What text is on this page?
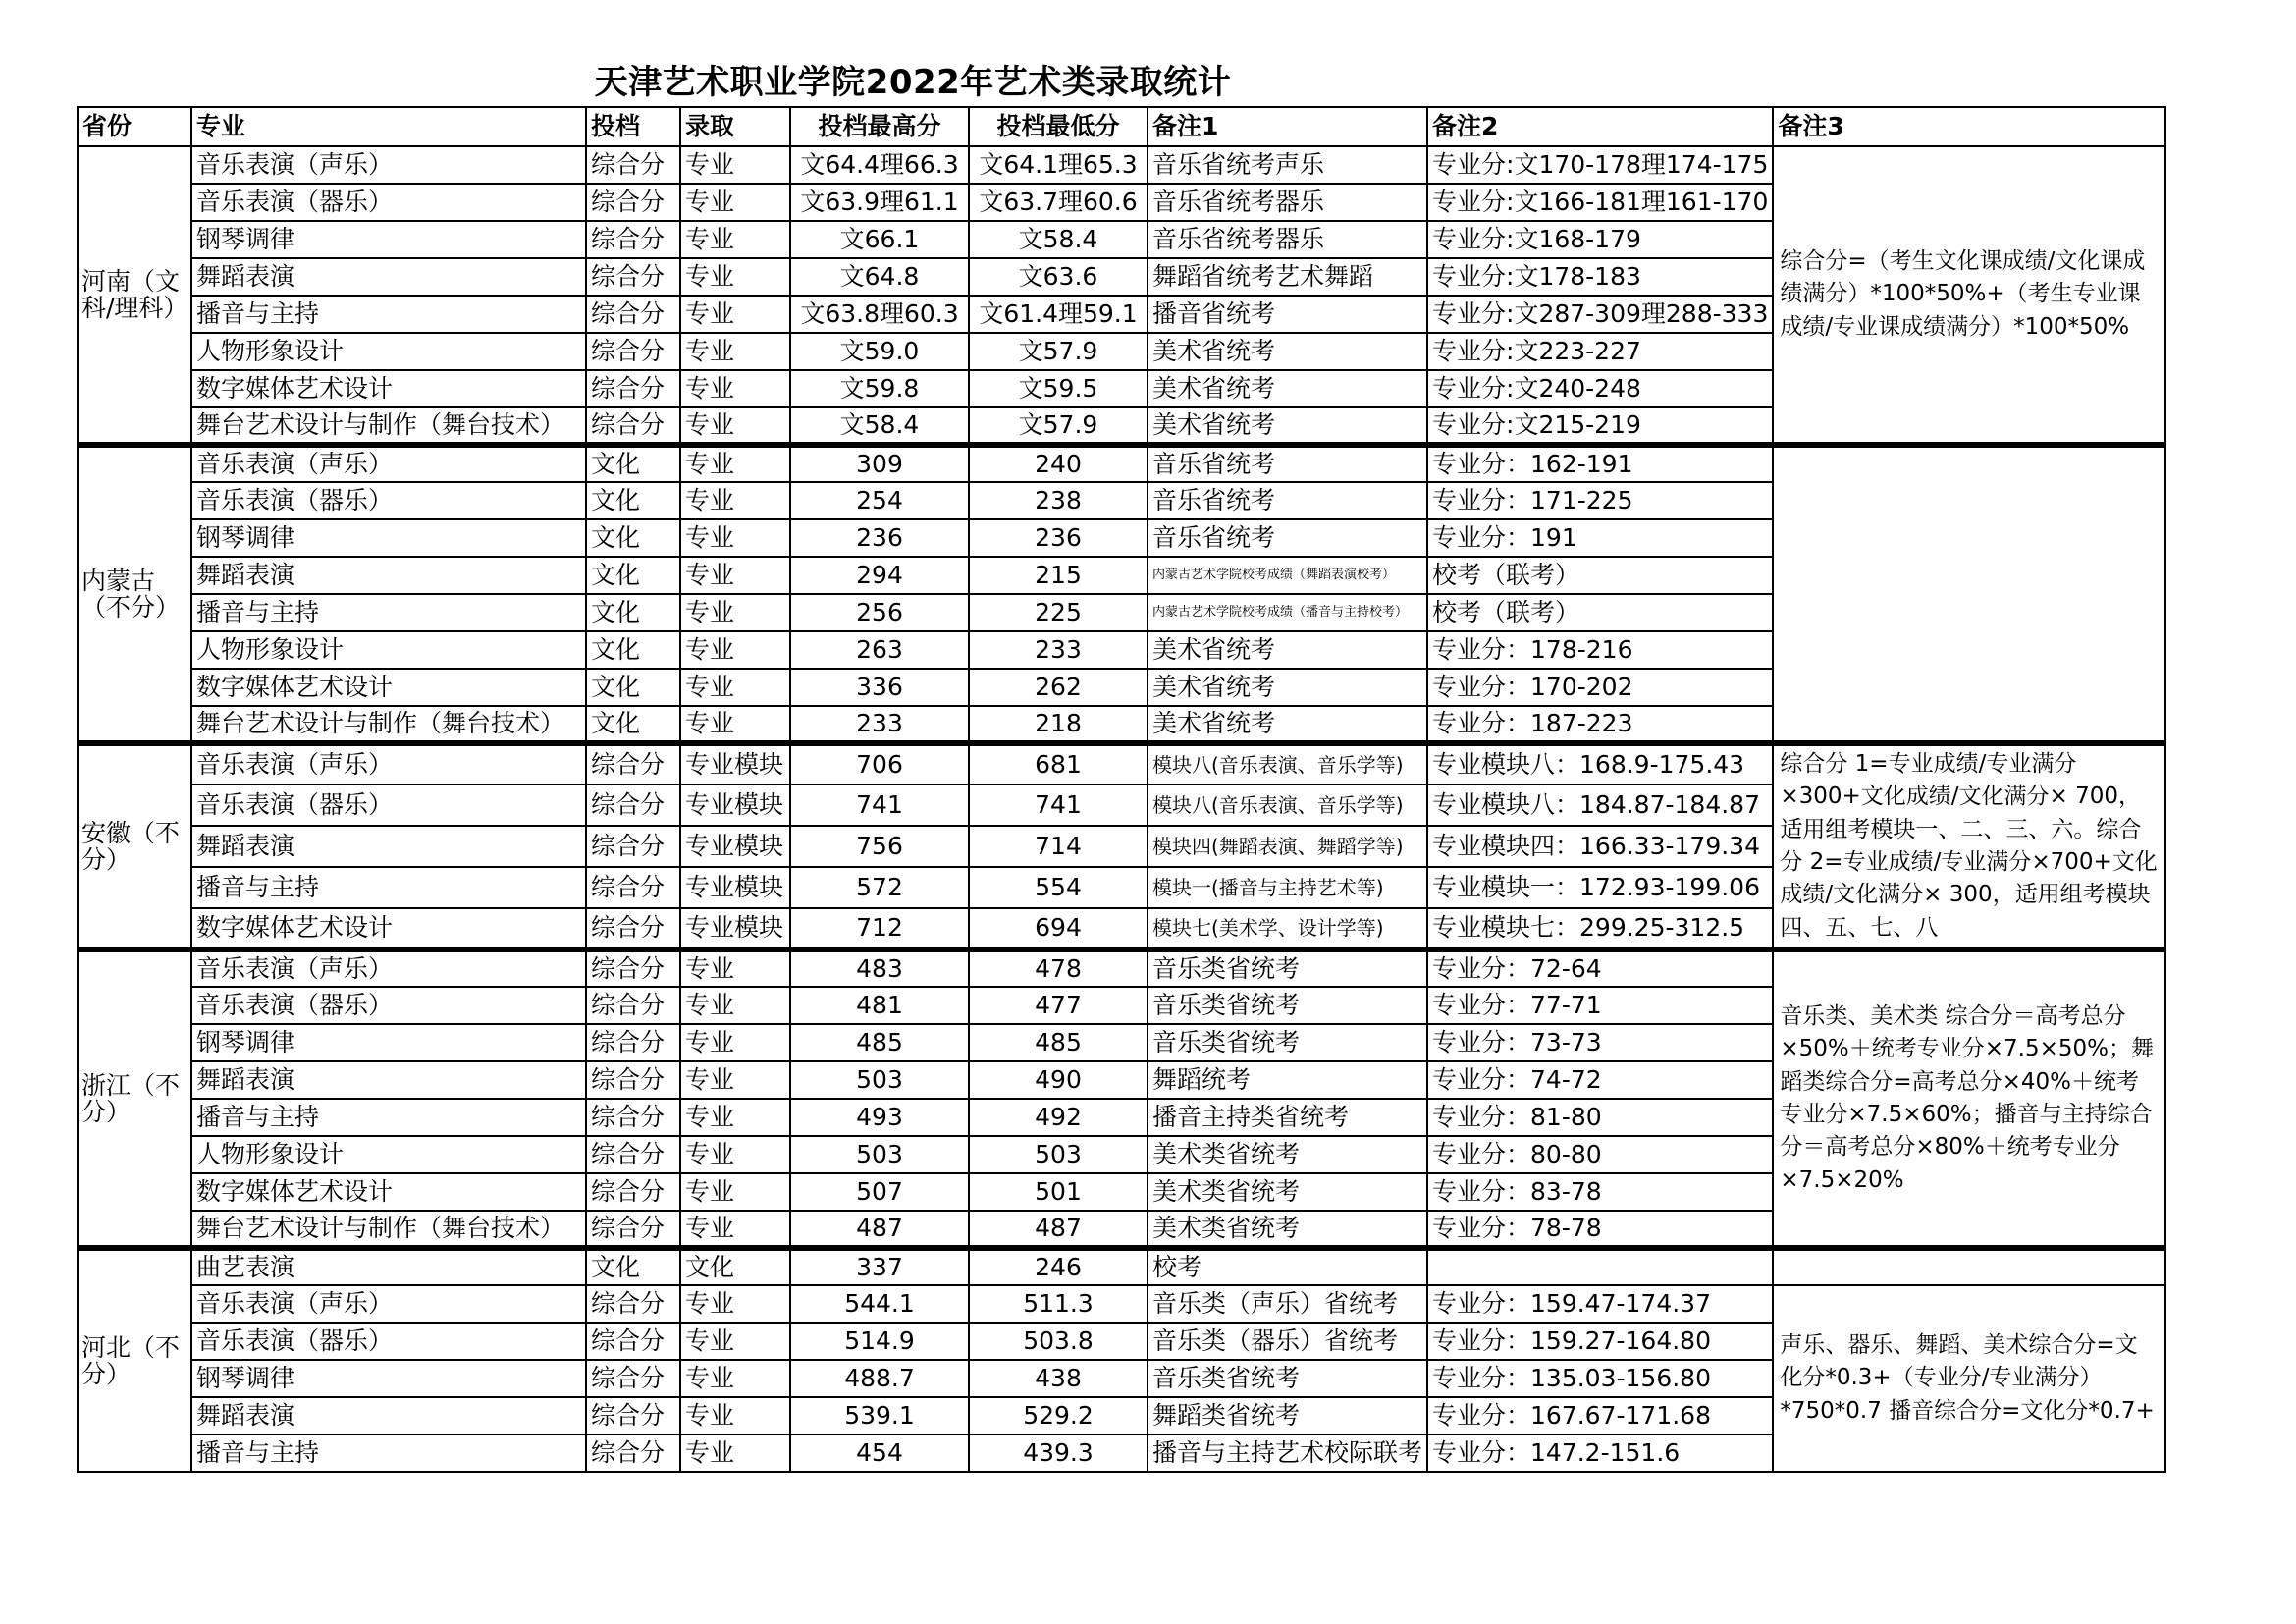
天津艺术职业学院2022年艺术类录取统计
省份	专业	投档	录取	投档最高分	投档最低分	备注1	备注2	备注3
河南（文科/理科）	音乐表演（声乐）	综合分	专业	文64.4理66.3	文64.1理65.3	音乐省统考声乐	专业分:文170-178理174-175	综合分=（考生文化课成绩/文化课成绩满分）*100*50%+（考生专业课成绩/专业课成绩满分）*100*50%
	音乐表演（器乐）	综合分	专业	文63.9理61.1	文63.7理60.6	音乐省统考器乐	专业分:文166-181理161-170	
	钢琴调律	综合分	专业	文66.1	文58.4	音乐省统考器乐	专业分:文168-179	
	舞蹈表演	综合分	专业	文64.8	文63.6	舞蹈省统考艺术舞蹈	专业分:文178-183	
	播音与主持	综合分	专业	文63.8理60.3	文61.4理59.1	播音省统考	专业分:文287-309理288-333	
	人物形象设计	综合分	专业	文59.0	文57.9	美术省统考	专业分:文223-227	
	数字媒体艺术设计	综合分	专业	文59.8	文59.5	美术省统考	专业分:文240-248	
	舞台艺术设计与制作（舞台技术）	综合分	专业	文58.4	文57.9	美术省统考	专业分:文215-219	
内蒙古（不分）	音乐表演（声乐）	文化	专业	309	240	音乐省统考	专业分：162-191	
	音乐表演（器乐）	文化	专业	254	238	音乐省统考	专业分：171-225	
	钢琴调律	文化	专业	236	236	音乐省统考	专业分：191	
	舞蹈表演	文化	专业	294	215	内蒙古艺术学院校考成绩（舞蹈表演校考）	校考（联考）	
	播音与主持	文化	专业	256	225	内蒙古艺术学院校考成绩（播音与主持校考）	校考（联考）	
	人物形象设计	文化	专业	263	233	美术省统考	专业分：178-216	
	数字媒体艺术设计	文化	专业	336	262	美术省统考	专业分：170-202	
	舞台艺术设计与制作（舞台技术）	文化	专业	233	218	美术省统考	专业分：187-223	
安徽（不分）	音乐表演（声乐）	综合分	专业模块	706	681	模块八(音乐表演、音乐学等)	专业模块八：168.9-175.43	综合分 1=专业成绩/专业满分×300+文化成绩/文化满分× 700，适用组考模块一、二、三、六。综合分 2=专业成绩/专业满分×700+文化成绩/文化满分× 300，适用组考模块四、五、七、八
	音乐表演（器乐）	综合分	专业模块	741	741	模块八(音乐表演、音乐学等)	专业模块八：184.87-184.87	
	舞蹈表演	综合分	专业模块	756	714	模块四(舞蹈表演、舞蹈学等)	专业模块四：166.33-179.34	
	播音与主持	综合分	专业模块	572	554	模块一(播音与主持艺术等)	专业模块一：172.93-199.06	
	数字媒体艺术设计	综合分	专业模块	712	694	模块七(美术学、设计学等)	专业模块七：299.25-312.5	
浙江（不分）	音乐表演（声乐）	综合分	专业	483	478	音乐类省统考	专业分：72-64	音乐类、美术类 综合分＝高考总分×50%＋统考专业分×7.5×50%；舞蹈类综合分=高考总分×40%＋统考专业分×7.5×60%；播音与主持综合分＝高考总分×80%＋统考专业分×7.5×20%
	音乐表演（器乐）	综合分	专业	481	477	音乐类省统考	专业分：77-71	
	钢琴调律	综合分	专业	485	485	音乐类省统考	专业分：73-73	
	舞蹈表演	综合分	专业	503	490	舞蹈统考	专业分：74-72	
	播音与主持	综合分	专业	493	492	播音主持类省统考	专业分：81-80	
	人物形象设计	综合分	专业	503	503	美术类省统考	专业分：80-80	
	数字媒体艺术设计	综合分	专业	507	501	美术类省统考	专业分：83-78	
	舞台艺术设计与制作（舞台技术）	综合分	专业	487	487	美术类省统考	专业分：78-78	
河北（不分）	曲艺表演	文化	文化	337	246	校考		
	音乐表演（声乐）	综合分	专业	544.1	511.3	音乐类（声乐）省统考	专业分：159.47-174.37	声乐、器乐、舞蹈、美术综合分=文化分*0.3+（专业分/专业满分）*750*0.7 播音综合分=文化分*0.7+
	音乐表演（器乐）	综合分	专业	514.9	503.8	音乐类（器乐）省统考	专业分：159.27-164.80	
	钢琴调律	综合分	专业	488.7	438	音乐类省统考	专业分：135.03-156.80	
	舞蹈表演	综合分	专业	539.1	529.2	舞蹈类省统考	专业分：167.67-171.68	
	播音与主持	综合分	专业	454	439.3	播音与主持艺术校际联考	专业分：147.2-151.6	
